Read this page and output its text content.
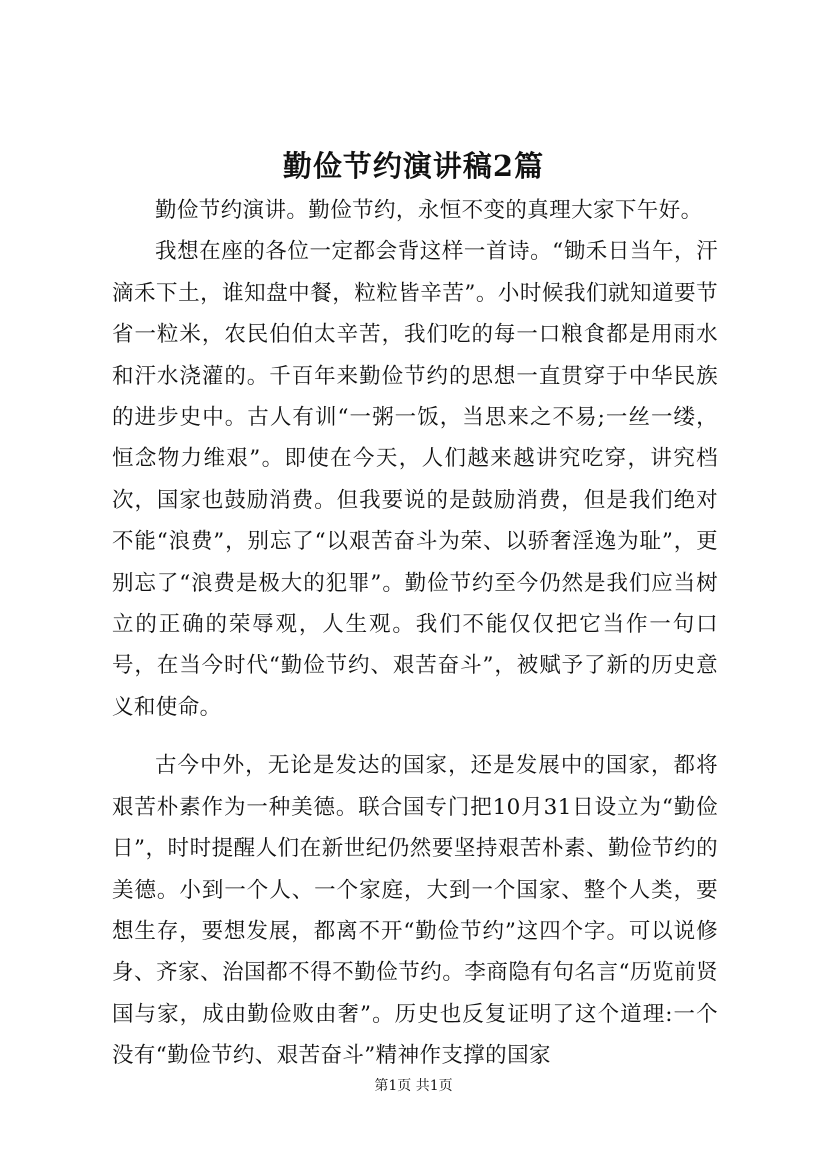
勤俭节约演讲稿2篇

勤俭节约演讲。勤俭节约，永恒不变的真理大家下午好。

我想在座的各位一定都会背这样一首诗。“锄禾日当午，汗滴禾下土，谁知盘中餐，粒粒皆辛苦”。小时候我们就知道要节省一粒米，农民伯伯太辛苦，我们吃的每一口粮食都是用雨水和汗水浇灌的。千百年来勤俭节约的思想一直贯穿于中华民族的进步史中。古人有训“一粥一饭，当思来之不易;一丝一缕，恒念物力维艰”。即使在今天，人们越来越讲究吃穿，讲究档次，国家也鼓励消费。但我要说的是鼓励消费，但是我们绝对不能“浪费”，别忘了“以艰苦奋斗为荣、以骄奢淫逸为耻”，更别忘了“浪费是极大的犯罪”。勤俭节约至今仍然是我们应当树立的正确的荣辱观，人生观。我们不能仅仅把它当作一句口号，在当今时代“勤俭节约、艰苦奋斗”，被赋予了新的历史意义和使命。

古今中外，无论是发达的国家，还是发展中的国家，都将艰苦朴素作为一种美德。联合国专门把10月31日设立为“勤俭日”，时时提醒人们在新世纪仍然要坚持艰苦朴素、勤俭节约的美德。小到一个人、一个家庭，大到一个国家、整个人类，要想生存，要想发展，都离不开“勤俭节约”这四个字。可以说修身、齐家、治国都不得不勤俭节约。李商隐有句名言“历览前贤国与家，成由勤俭败由奢”。历史也反复证明了这个道理:一个没有“勤俭节约、艰苦奋斗”精神作支撑的国家

第1页 共1页
